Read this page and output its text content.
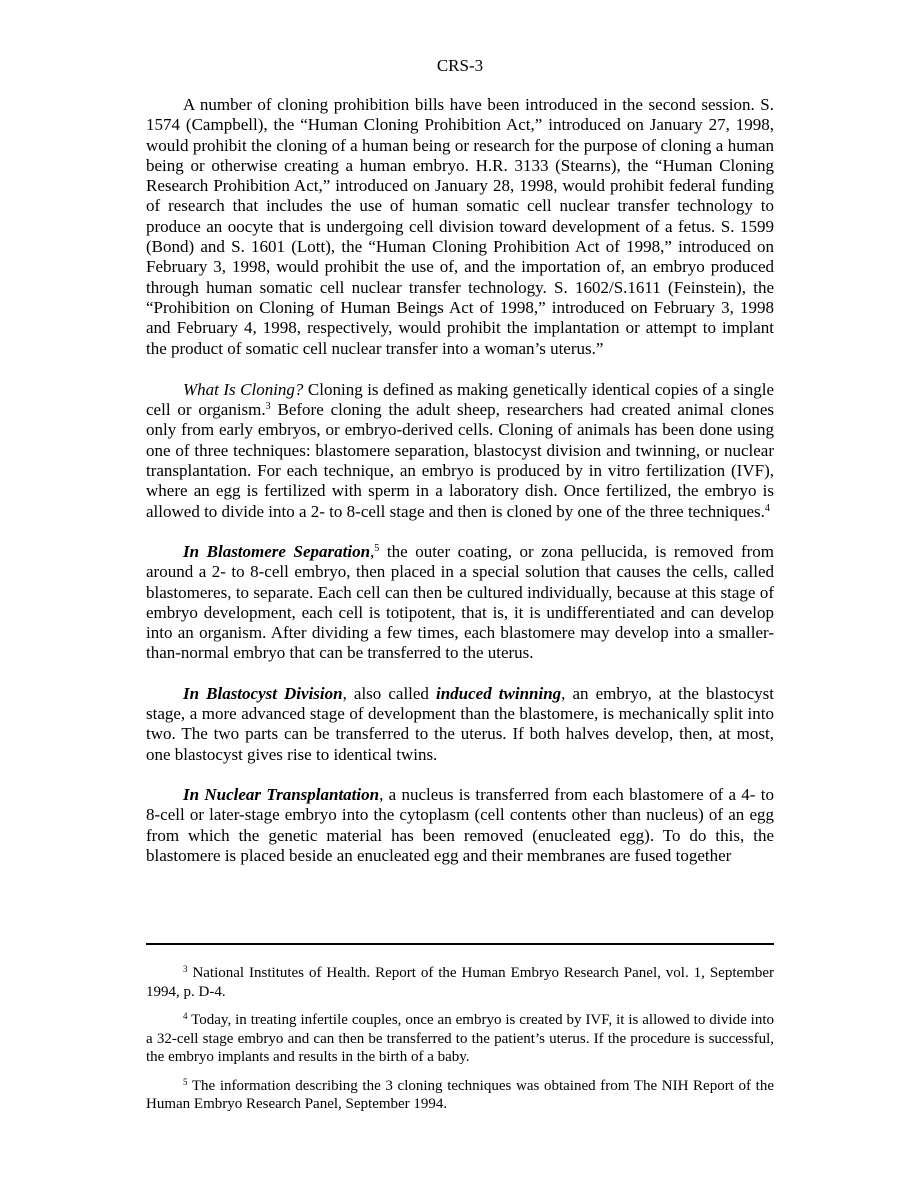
CRS-3

A number of cloning prohibition bills have been introduced in the second session. S. 1574 (Campbell), the “Human Cloning Prohibition Act,” introduced on January 27, 1998, would prohibit the cloning of a human being or research for the purpose of cloning a human being or otherwise creating a human embryo. H.R. 3133 (Stearns), the “Human Cloning Research Prohibition Act,” introduced on January 28, 1998, would prohibit federal funding of research that includes the use of human somatic cell nuclear transfer technology to produce an oocyte that is undergoing cell division toward development of a fetus. S. 1599 (Bond) and S. 1601 (Lott), the “Human Cloning Prohibition Act of 1998,” introduced on February 3, 1998, would prohibit the use of, and the importation of, an embryo produced through human somatic cell nuclear transfer technology. S. 1602/S.1611 (Feinstein), the “Prohibition on Cloning of Human Beings Act of 1998,” introduced on February 3, 1998 and February 4, 1998, respectively, would prohibit the implantation or attempt to implant the product of somatic cell nuclear transfer into a woman’s uterus.”

What Is Cloning? Cloning is defined as making genetically identical copies of a single cell or organism.$^3$ Before cloning the adult sheep, researchers had created animal clones only from early embryos, or embryo-derived cells. Cloning of animals has been done using one of three techniques: blastomere separation, blastocyst division and twinning, or nuclear transplantation. For each technique, an embryo is produced by in vitro fertilization (IVF), where an egg is fertilized with sperm in a laboratory dish. Once fertilized, the embryo is allowed to divide into a 2- to 8-cell stage and then is cloned by one of the three techniques.$^4$

In Blastomere Separation,$^5$ the outer coating, or zona pellucida, is removed from around a 2- to 8-cell embryo, then placed in a special solution that causes the cells, called blastomeres, to separate. Each cell can then be cultured individually, because at this stage of embryo development, each cell is totipotent, that is, it is undifferentiated and can develop into an organism. After dividing a few times, each blastomere may develop into a smaller-than-normal embryo that can be transferred to the uterus.

In Blastocyst Division, also called induced twinning, an embryo, at the blastocyst stage, a more advanced stage of development than the blastomere, is mechanically split into two. The two parts can be transferred to the uterus. If both halves develop, then, at most, one blastocyst gives rise to identical twins.

In Nuclear Transplantation, a nucleus is transferred from each blastomere of a 4- to 8-cell or later-stage embryo into the cytoplasm (cell contents other than nucleus) of an egg from which the genetic material has been removed (enucleated egg). To do this, the blastomere is placed beside an enucleated egg and their membranes are fused together

$^3$ National Institutes of Health. Report of the Human Embryo Research Panel, vol. 1, September 1994, p. D-4.

$^4$ Today, in treating infertile couples, once an embryo is created by IVF, it is allowed to divide into a 32-cell stage embryo and can then be transferred to the patient’s uterus. If the procedure is successful, the embryo implants and results in the birth of a baby.

$^5$ The information describing the 3 cloning techniques was obtained from The NIH Report of the Human Embryo Research Panel, September 1994.
